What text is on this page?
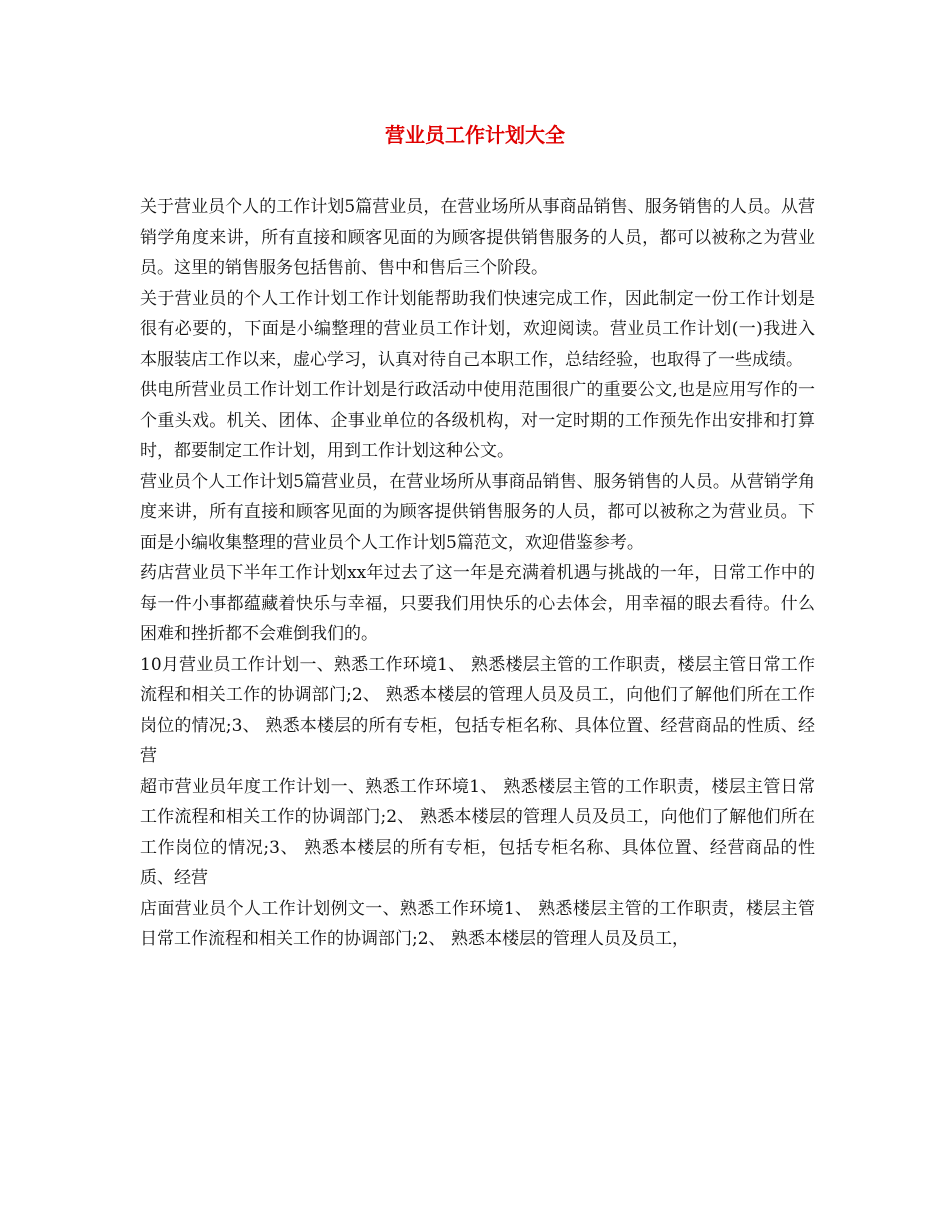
营业员工作计划大全

关于营业员个人的工作计划5篇营业员，在营业场所从事商品销售、服务销售的人员。从营销学角度来讲，所有直接和顾客见面的为顾客提供销售服务的人员，都可以被称之为营业员。这里的销售服务包括售前、售中和售后三个阶段。

关于营业员的个人工作计划工作计划能帮助我们快速完成工作，因此制定一份工作计划是很有必要的，下面是小编整理的营业员工作计划，欢迎阅读。营业员工作计划(一)我进入本服装店工作以来，虚心学习，认真对待自己本职工作，总结经验，也取得了一些成绩。

供电所营业员工作计划工作计划是行政活动中使用范围很广的重要公文,也是应用写作的一个重头戏。机关、团体、企事业单位的各级机构，对一定时期的工作预先作出安排和打算时，都要制定工作计划，用到工作计划这种公文。

营业员个人工作计划5篇营业员，在营业场所从事商品销售、服务销售的人员。从营销学角度来讲，所有直接和顾客见面的为顾客提供销售服务的人员，都可以被称之为营业员。下面是小编收集整理的营业员个人工作计划5篇范文，欢迎借鉴参考。

药店营业员下半年工作计划xx年过去了这一年是充满着机遇与挑战的一年，日常工作中的每一件小事都蕴藏着快乐与幸福，只要我们用快乐的心去体会，用幸福的眼去看待。什么困难和挫折都不会难倒我们的。

10月营业员工作计划一、熟悉工作环境1、 熟悉楼层主管的工作职责，楼层主管日常工作流程和相关工作的协调部门;2、 熟悉本楼层的管理人员及员工，向他们了解他们所在工作岗位的情况;3、 熟悉本楼层的所有专柜，包括专柜名称、具体位置、经营商品的性质、经营

超市营业员年度工作计划一、熟悉工作环境1、 熟悉楼层主管的工作职责，楼层主管日常工作流程和相关工作的协调部门;2、 熟悉本楼层的管理人员及员工，向他们了解他们所在工作岗位的情况;3、 熟悉本楼层的所有专柜，包括专柜名称、具体位置、经营商品的性质、经营

店面营业员个人工作计划例文一、熟悉工作环境1、 熟悉楼层主管的工作职责，楼层主管日常工作流程和相关工作的协调部门;2、 熟悉本楼层的管理人员及员工，
